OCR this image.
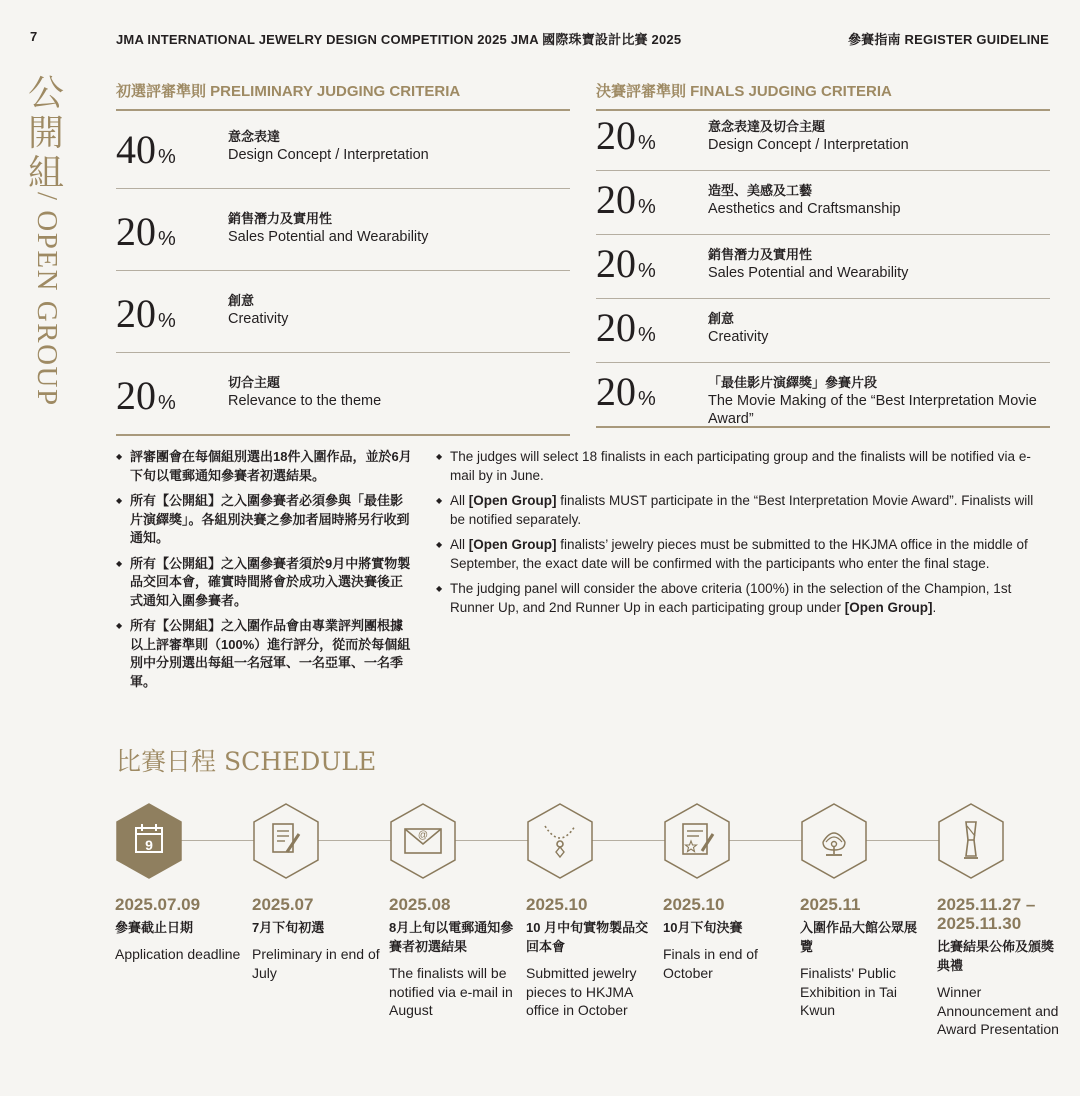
7	JMA INTERNATIONAL JEWELRY DESIGN COMPETITION 2025 JMA 國際珠寶設計比賽 2025	參賽指南 REGISTER GUIDELINE
公
開
組
/ OPEN GROUP
初選評審準則 PRELIMINARY JUDGING CRITERIA
40 %
意念表達
Design Concept / Interpretation
20 %
銷售潛力及實用性
Sales Potential and Wearability
20 %
創意
Creativity
20 %
切合主題
Relevance to the theme
決賽評審準則 FINALS JUDGING CRITERIA
20 %
意念表達及切合主題
Design Concept / Interpretation
20 %
造型、美感及工藝
Aesthetics and Craftsmanship
20 %
銷售潛力及實用性
Sales Potential and Wearability
20 %
創意
Creativity
20 %
「最佳影片演繹獎」參賽片段
The Movie Making of the “Best Interpretation Movie Award”
◆ 評審團會在每個組別選出18件入圍作品，並於6月下旬以電郵通知參賽者初選結果。
◆ 所有【公開組】之入圍參賽者必須參與「最佳影片演繹獎」。各組別決賽之參加者屆時將另行收到通知。
◆ 所有【公開組】之入圍參賽者須於9月中將實物製品交回本會，確實時間將會於成功入選決賽後正式通知入圍參賽者。
◆ 所有【公開組】之入圍作品會由專業評判團根據以上評審準則（100%）進行評分，從而於每個組別中分別選出每組一名冠軍、一名亞軍、一名季軍。
◆ The judges will select 18 finalists in each participating group and the finalists will be notified via e-mail by in June.
◆ All [Open Group] finalists MUST participate in the “Best Interpretation Movie Award”. Finalists will be notified separately.
◆ All [Open Group] finalists’ jewelry pieces must be submitted to the HKJMA office in the middle of September, the exact date will be confirmed with the participants who enter the final stage.
◆ The judging panel will consider the above criteria (100%) in the selection of the Champion, 1st Runner Up, and 2nd Runner Up in each participating group under [Open Group].
比賽日程 SCHEDULE
9
2025.07.09
參賽截止日期
Application deadline
2025.07
7月下旬初選
Preliminary in end of July
@
2025.08
8月上旬以電郵通知參賽者初選結果
The finalists will be notified via e-mail in August
2025.10
10 月中旬實物製品交回本會
Submitted jewelry pieces to HKJMA office in October
2025.10
10月下旬決賽
Finals in end of October
2025.11
入圍作品大館公眾展覽
Finalists' Public Exhibition in Tai Kwun
2025.11.27 – 2025.11.30
比賽結果公佈及頒獎典禮
Winner Announcement and Award Presentation
